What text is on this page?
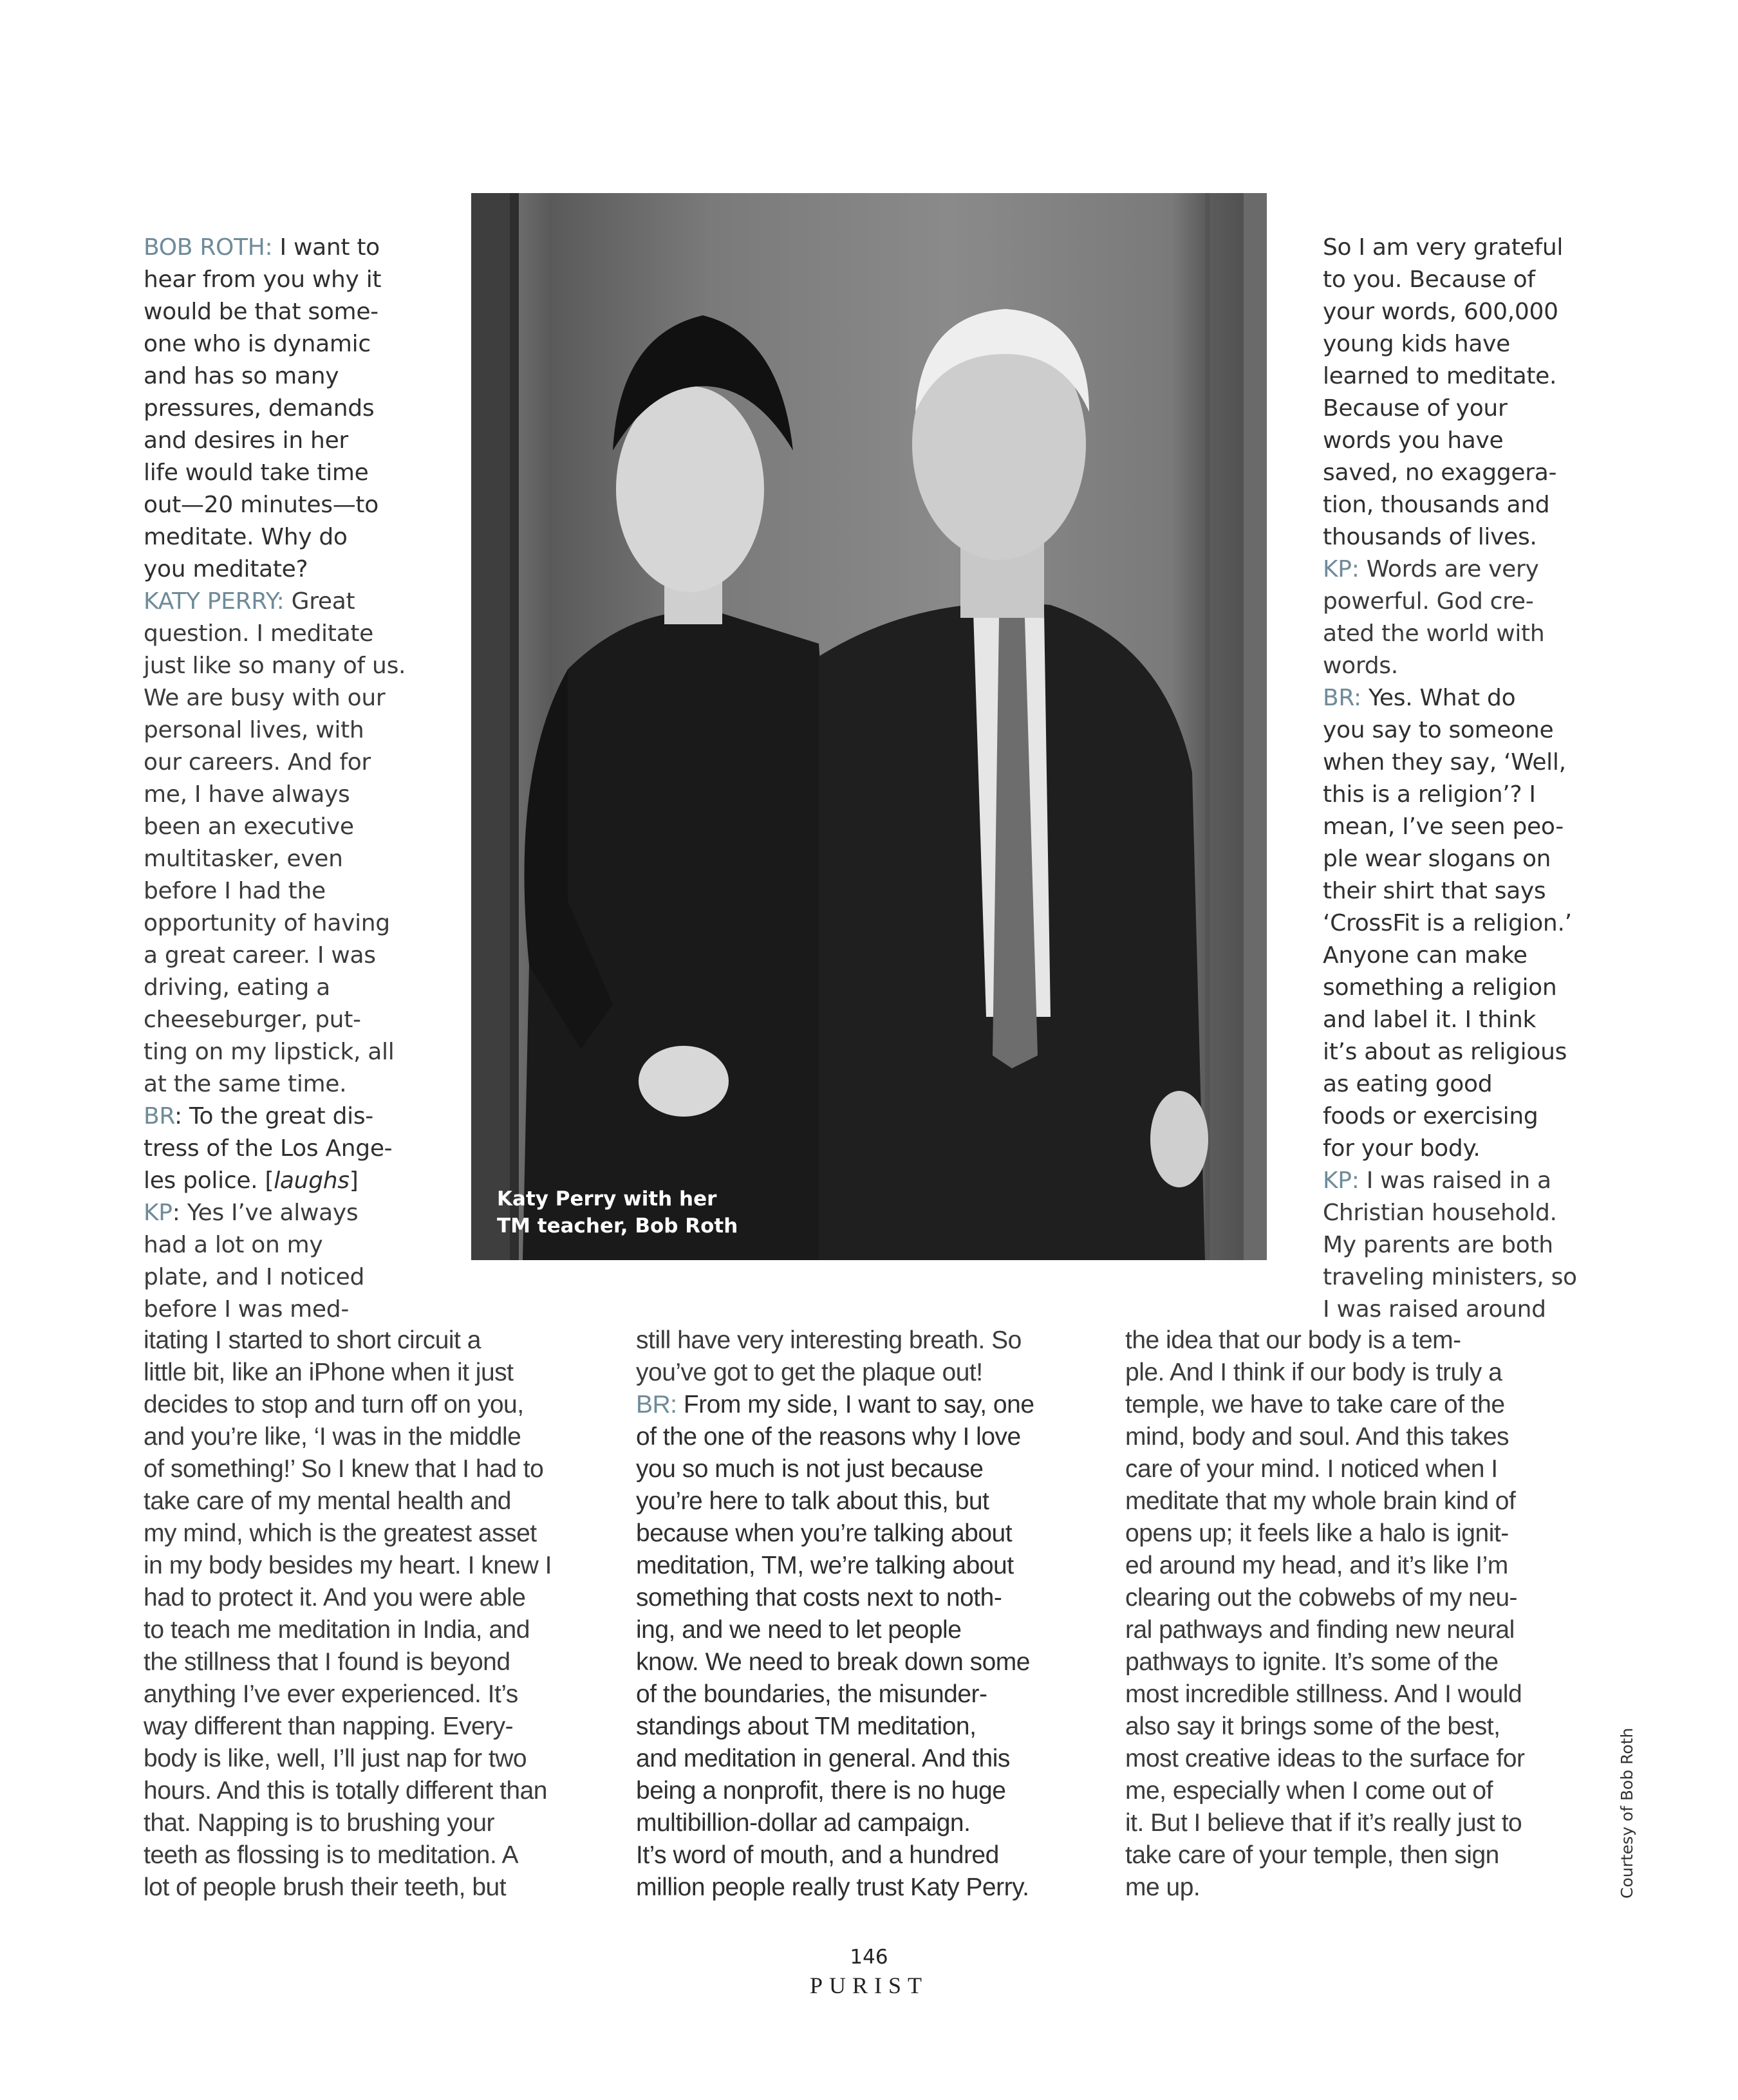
BOB ROTH: I want to
hear from you why it
would be that some-
one who is dynamic
and has so many
pressures, demands
and desires in her
life would take time
out—20 minutes—to
meditate. Why do
you meditate?
KATY PERRY: Great
question. I meditate
just like so many of us.
We are busy with our
personal lives, with
our careers. And for
me, I have always
been an executive
multitasker, even
before I had the
opportunity of having
a great career. I was
driving, eating a
cheeseburger, put-
ting on my lipstick, all
at the same time.
BR: To the great dis-
tress of the Los Ange-
les police. [laughs]
KP: Yes I’ve always
had a lot on my
plate, and I noticed
before I was med-
itating I started to short circuit a
little bit, like an iPhone when it just
decides to stop and turn off on you,
and you’re like, ‘I was in the middle
of something!’ So I knew that I had to
take care of my mental health and
my mind, which is the greatest asset
in my body besides my heart. I knew I
had to protect it. And you were able
to teach me meditation in India, and
the stillness that I found is beyond
anything I’ve ever experienced. It’s
way different than napping. Every-
body is like, well, I’ll just nap for two
hours. And this is totally different than
that. Napping is to brushing your
teeth as flossing is to meditation. A
lot of people brush their teeth, but
still have very interesting breath. So
you’ve got to get the plaque out!
BR: From my side, I want to say, one
of the one of the reasons why I love
you so much is not just because
you’re here to talk about this, but
because when you’re talking about
meditation, TM, we’re talking about
something that costs next to noth-
ing, and we need to let people
know. We need to break down some
of the boundaries, the misunder-
standings about TM meditation,
and meditation in general. And this
being a nonprofit, there is no huge
multibillion-dollar ad campaign.
It’s word of mouth, and a hundred
million people really trust Katy Perry.
So I am very grateful
to you. Because of
your words, 600,000
young kids have
learned to meditate.
Because of your
words you have
saved, no exaggera-
tion, thousands and
thousands of lives.
KP: Words are very
powerful. God cre-
ated the world with
words.
BR: Yes. What do
you say to someone
when they say, ‘Well,
this is a religion’? I
mean, I’ve seen peo-
ple wear slogans on
their shirt that says
‘CrossFit is a religion.’
Anyone can make
something a religion
and label it. I think
it’s about as religious
as eating good
foods or exercising
for your body.
KP: I was raised in a
Christian household.
My parents are both
traveling ministers, so
I was raised around
the idea that our body is a tem-
ple. And I think if our body is truly a
temple, we have to take care of the
mind, body and soul. And this takes
care of your mind. I noticed when I
meditate that my whole brain kind of
opens up; it feels like a halo is ignit-
ed around my head, and it’s like I’m
clearing out the cobwebs of my neu-
ral pathways and finding new neural
pathways to ignite. It’s some of the
most incredible stillness. And I would
also say it brings some of the best,
most creative ideas to the surface for
me, especially when I come out of
it. But I believe that if it’s really just to
take care of your temple, then sign
me up.
Katy Perry with her
TM teacher, Bob Roth
Courtesy of Bob Roth
146
PURIST
